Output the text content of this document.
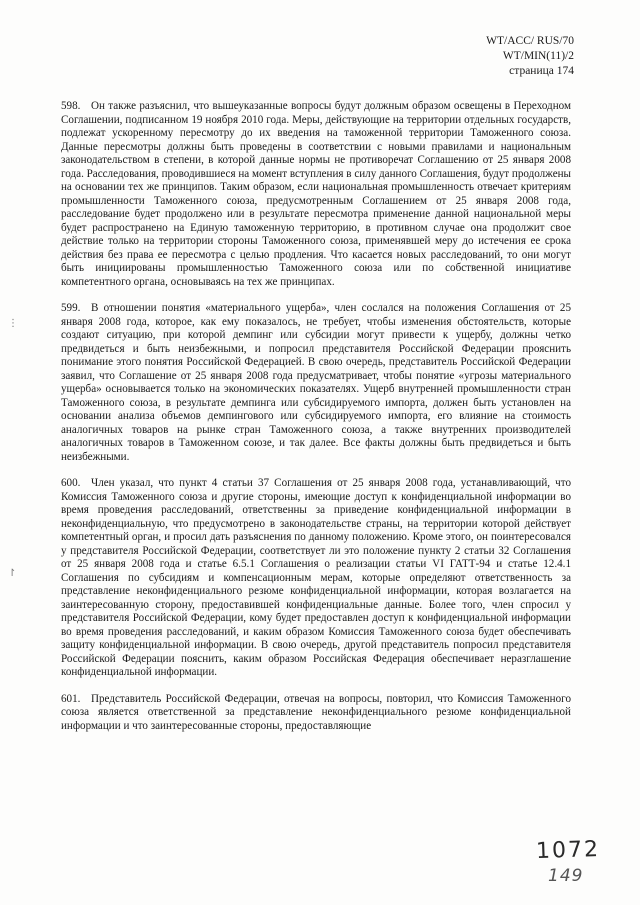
WT/ACC/ RUS/70
WT/MIN(11)/2
страница 174

598. Он также разъяснил, что вышеуказанные вопросы будут должным образом освещены в Переходном Соглашении, подписанном 19 ноября 2010 года. Меры, действующие на территории отдельных государств, подлежат ускоренному пересмотру до их введения на таможенной территории Таможенного союза. Данные пересмотры должны быть проведены в соответствии с новыми правилами и национальным законодательством в степени, в которой данные нормы не противоречат Соглашению от 25 января 2008 года. Расследования, проводившиеся на момент вступления в силу данного Соглашения, будут продолжены на основании тех же принципов. Таким образом, если национальная промышленность отвечает критериям промышленности Таможенного союза, предусмотренным Соглашением от 25 января 2008 года, расследование будет продолжено или в результате пересмотра применение данной национальной меры будет распространено на Единую таможенную территорию, в противном случае она продолжит свое действие только на территории стороны Таможенного союза, применявшей меру до истечения ее срока действия без права ее пересмотра с целью продления. Что касается новых расследований, то они могут быть инициированы промышленностью Таможенного союза или по собственной инициативе компетентного органа, основываясь на тех же принципах.

599. В отношении понятия «материального ущерба», член сослался на положения Соглашения от 25 января 2008 года, которое, как ему показалось, не требует, чтобы изменения обстоятельств, которые создают ситуацию, при которой демпинг или субсидии могут привести к ущербу, должны четко предвидеться и быть неизбежными, и попросил представителя Российской Федерации прояснить понимание этого понятия Российской Федерацией. В свою очередь, представитель Российской Федерации заявил, что Соглашение от 25 января 2008 года предусматривает, чтобы понятие «угрозы материального ущерба» основывается только на экономических показателях. Ущерб внутренней промышленности стран Таможенного союза, в результате демпинга или субсидируемого импорта, должен быть установлен на основании анализа объемов демпингового или субсидируемого импорта, его влияние на стоимость аналогичных товаров на рынке стран Таможенного союза, а также внутренних производителей аналогичных товаров в Таможенном союзе, и так далее. Все факты должны быть предвидеться и быть неизбежными.

600. Член указал, что пункт 4 статьи 37 Соглашения от 25 января 2008 года, устанавливающий, что Комиссия Таможенного союза и другие стороны, имеющие доступ к конфиденциальной информации во время проведения расследований, ответственны за приведение конфиденциальной информации в неконфиденциальную, что предусмотрено в законодательстве страны, на территории которой действует компетентный орган, и просил дать разъяснения по данному положению. Кроме этого, он поинтересовался у представителя Российской Федерации, соответствует ли это положение пункту 2 статьи 32 Соглашения от 25 января 2008 года и статье 6.5.1 Соглашения о реализации статьи VI ГАТТ-94 и статье 12.4.1 Соглашения по субсидиям и компенсационным мерам, которые определяют ответственность за представление неконфиденциального резюме конфиденциальной информации, которая возлагается на заинтересованную сторону, предоставившей конфиденциальные данные. Более того, член спросил у представителя Российской Федерации, кому будет предоставлен доступ к конфиденциальной информации во время проведения расследований, и каким образом Комиссия Таможенного союза будет обеспечивать защиту конфиденциальной информации. В свою очередь, другой представитель попросил представителя Российской Федерации пояснить, каким образом Российская Федерация обеспечивает неразглашение конфиденциальной информации.

601. Представитель Российской Федерации, отвечая на вопросы, повторил, что Комиссия Таможенного союза является ответственной за представление неконфиденциального резюме конфиденциальной информации и что заинтересованные стороны, предоставляющие

⋮
↾
1072
149
